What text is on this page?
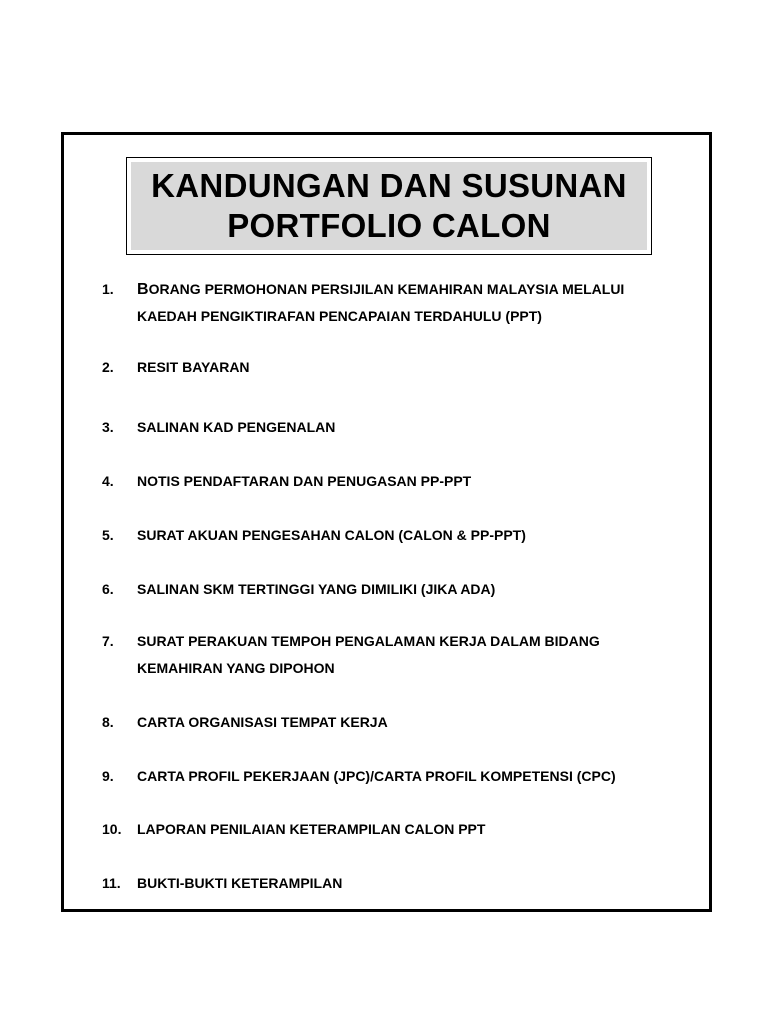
KANDUNGAN DAN SUSUNAN
PORTFOLIO CALON
1.	BORANG PERMOHONAN PERSIJILAN KEMAHIRAN MALAYSIA MELALUI
KAEDAH PENGIKTIRAFAN PENCAPAIAN TERDAHULU (PPT)
2.	RESIT BAYARAN
3.	SALINAN KAD PENGENALAN
4.	NOTIS PENDAFTARAN DAN PENUGASAN PP-PPT
5.	SURAT AKUAN PENGESAHAN CALON (CALON & PP-PPT)
6.	SALINAN SKM TERTINGGI YANG DIMILIKI (JIKA ADA)
7.	SURAT PERAKUAN TEMPOH PENGALAMAN KERJA DALAM BIDANG
KEMAHIRAN YANG DIPOHON
8.	CARTA ORGANISASI TEMPAT KERJA
9.	CARTA PROFIL PEKERJAAN (JPC)/CARTA PROFIL KOMPETENSI (CPC)
10.	LAPORAN PENILAIAN KETERAMPILAN CALON PPT
11.	BUKTI-BUKTI KETERAMPILAN
